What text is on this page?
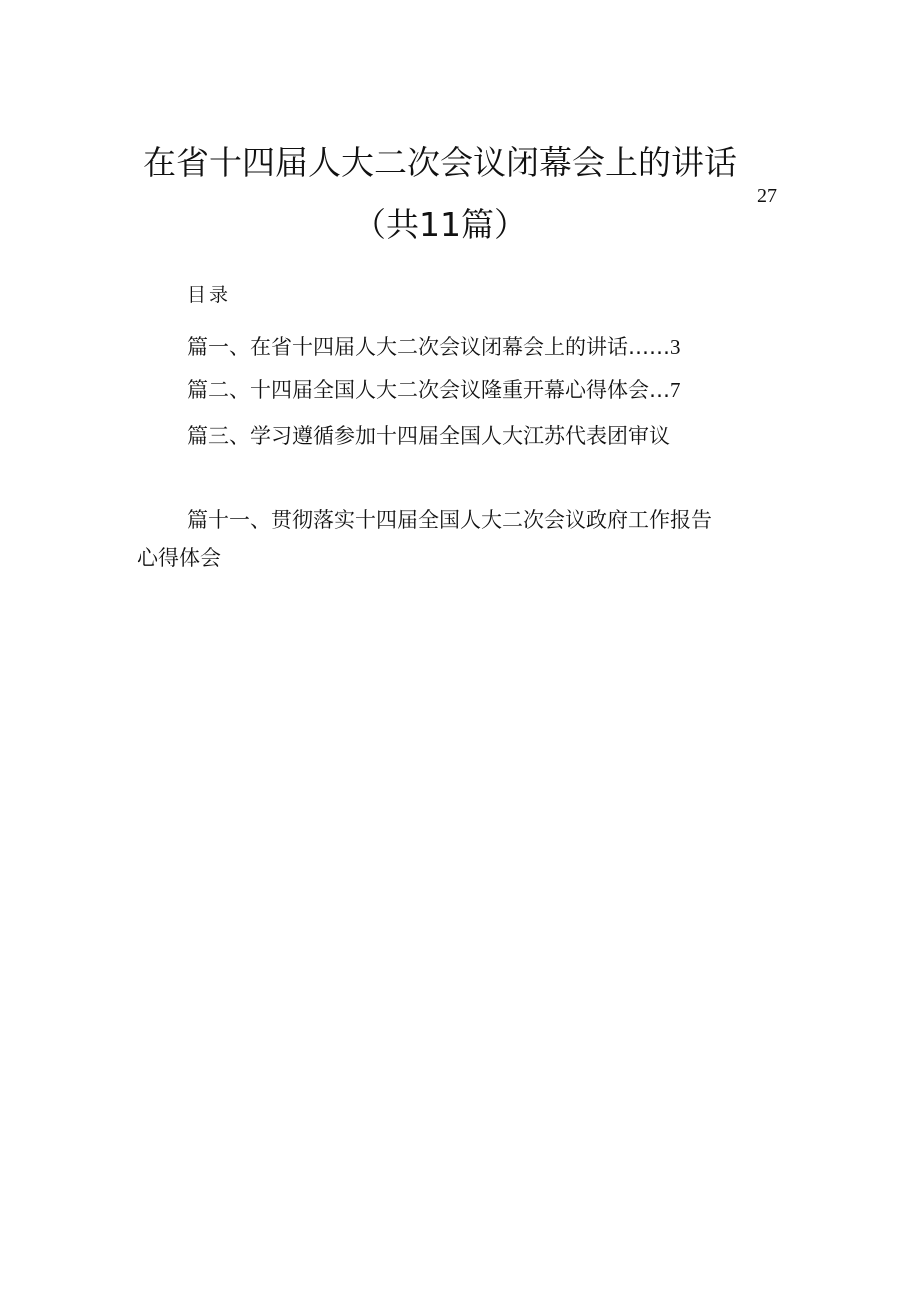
在省十四届人大二次会议闭幕会上的讲话
（共11篇）
27
目录
篇一、在省十四届人大二次会议闭幕会上的讲话……3
篇二、十四届全国人大二次会议隆重开幕心得体会…7
篇三、学习遵循参加十四届全国人大江苏代表团审议
篇十一、贯彻落实十四届全国人大二次会议政府工作报告
心得体会
